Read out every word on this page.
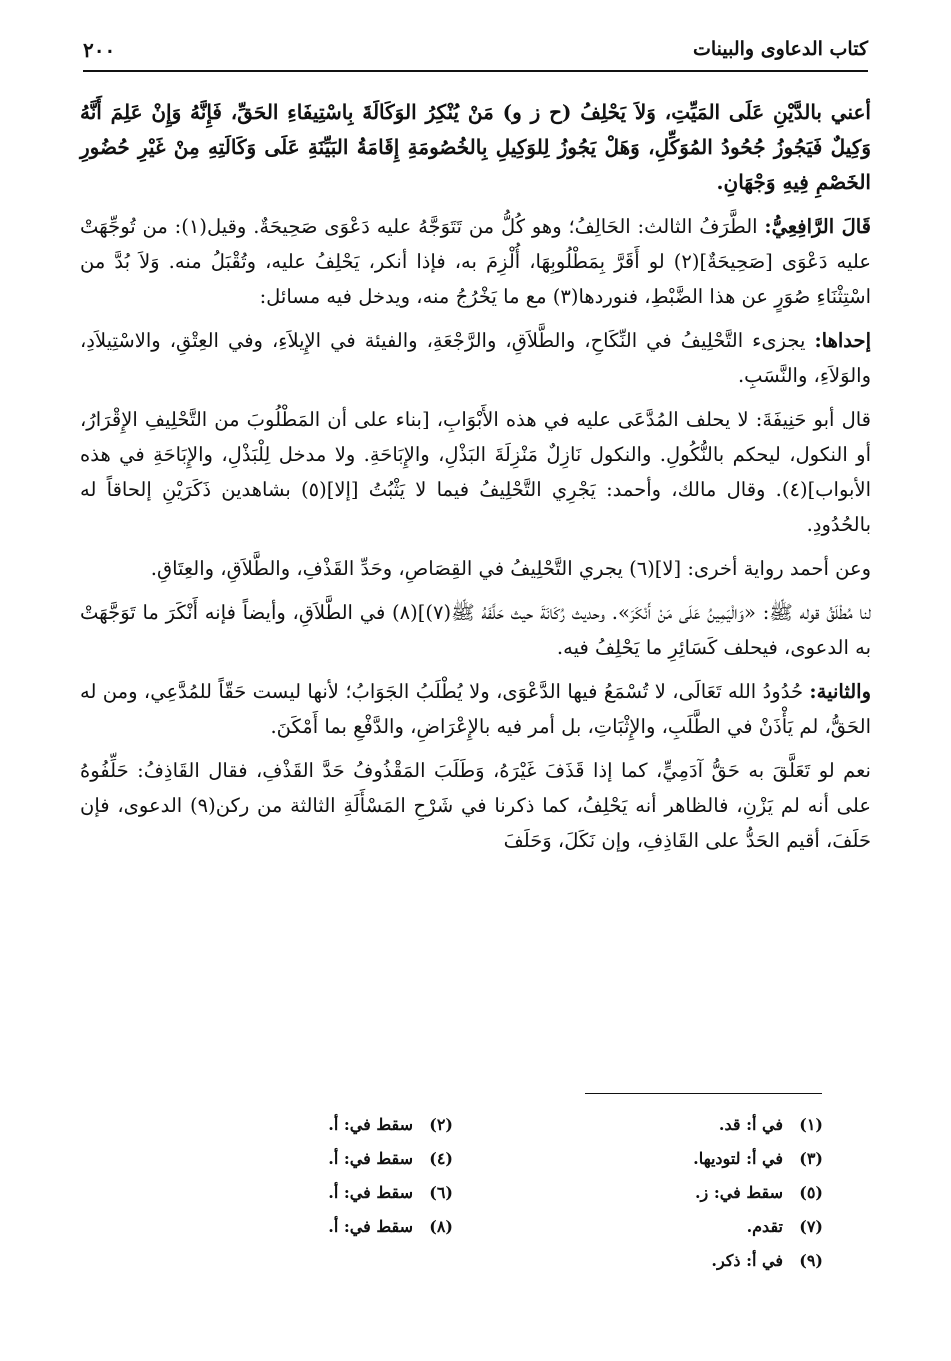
كتاب الدعاوى والبينات
٢٠٠

أعني بالدَّيْنِ عَلَى المَيِّتِ، وَلاَ يَحْلِفُ (ح ز و) مَنْ يُنْكِرُ الوَكَالَةَ بِاسْتِيفَاءِ الحَقِّ، فَإِنَّهُ وَإِنْ عَلِمَ أَنَّهُ وَكِيلٌ فَيَجُوزُ جُحُودُ المُوَكِّلِ، وَهَلْ يَجُوزُ لِلوَكِيلِ بِالخُصُومَةِ إِقَامَةُ البَيِّنَةِ عَلَى وَكَالَتِهِ مِنْ غَيْرِ حُضُورِ الخَصْمِ فِيهِ وَجْهَانِ.

قَالَ الرَّافِعِيُّ: الطَّرَفُ الثالث: الحَالِفُ؛ وهو كُلُّ من تَتَوَجَّهُ عليه دَعْوَى صَحِيحَةٌ. وقيل(١): من تُوجِّهَتْ عليه دَعْوَى [صَحِيحَةٌ](٢) لو أَقَرَّ بِمَطْلُوبِهَا، أُلْزِمَ به، فإذا أنكر، يَحْلِفُ عليه، وتُقْبَلُ منه. وَلاَ بُدَّ من اسْتِثْنَاءِ صُوَرٍ عن هذا الضَّبْطِ، فنوردها(٣) مع ما يَخْرُجُ منه، ويدخل فيه مسائل:

إحداها: يجزىء التَّحْلِيفُ في النِّكَاحِ، والطَّلاَقِ، والرَّجْعَةِ، والفيئة في الإِيلاَءِ، وفي العِتْقِ، والاسْتِيلاَدِ، والوَلاَءِ، والنَّسَبِ.

قال أبو حَنِيفَةَ: لا يحلف المُدَّعَى عليه في هذه الأَبْوَابِ، [بناء على أن المَطْلُوبَ من التَّحْلِيفِ الإِقْرَارُ، أو النكول، ليحكم بالنُّكُولِ. والنكول نَازِلٌ مَنْزِلَةَ البَذْلِ، والإِبَاحَةِ. ولا مدخل لِلْبَذْلِ، والإِبَاحَةِ في هذه الأبواب](٤). وقال مالك، وأحمد: يَجْرِي التَّحْلِيفُ فيما لا يَثْبُتُ [إلا](٥) بشاهدين ذَكَرَيْنِ إلحاقاً له بالحُدُودِ.

وعن أحمد رواية أخرى: [لا](٦) يجري التَّحْلِيفُ في القِصَاصِ، وحَدِّ القَذْفِ، والطَّلاَقِ، والعِتَاقِ.

لنا مُطْلَقُ قوله ﷺ: «وَالْيَمِينُ عَلَى مَنْ أَنْكَرَ». وحديث رُكَانَةَ حيث حَلَّفَهُ ﷺ(٧)](٨) في الطَّلاَقِ، وأيضاً فإنه أَنْكَرَ ما تَوَجَّهَتْ به الدعوى، فيحلف كَسَائِرِ ما يَحْلِفُ فيه.

والثانية: حُدُودُ الله تَعَالَى، لا تُسْمَعُ فيها الدَّعْوَى، ولا يُطْلَبُ الجَوَابُ؛ لأنها ليست حَقّاً للمُدَّعِي، ومن له الحَقُّ، لم يَأْذَنْ في الطَّلَبِ، والإِثْبَاتِ، بل أمر فيه بالإِعْرَاضِ، والدَّفْعِ بما أَمْكَنَ.

نعم لو تَعَلَّقَ به حَقُّ آدَمِيٍّ، كما إذا قَذَفَ غَيْرَهُ، وَطَلَبَ المَقْذُوفُ حَدَّ القَذْفِ، فقال القَاذِفُ: حَلِّفُوهُ على أنه لم يَزْنِ، فالظاهر أنه يَحْلِفُ، كما ذكرنا في شَرْحِ المَسْأَلَةِ الثالثة من ركن(٩) الدعوى، فإن حَلَفَ، أقيم الحَدُّ على القَاذِفِ، وإن نَكَلَ، وَحَلَفَ

(١)في أ: قد.
(٣)في أ: لتوديها.
(٥)سقط في: ز.
(٧)تقدم.
(٩)في أ: ذكر.
(٢)سقط في: أ.
(٤)سقط في: أ.
(٦)سقط في: أ.
(٨)سقط في: أ.
